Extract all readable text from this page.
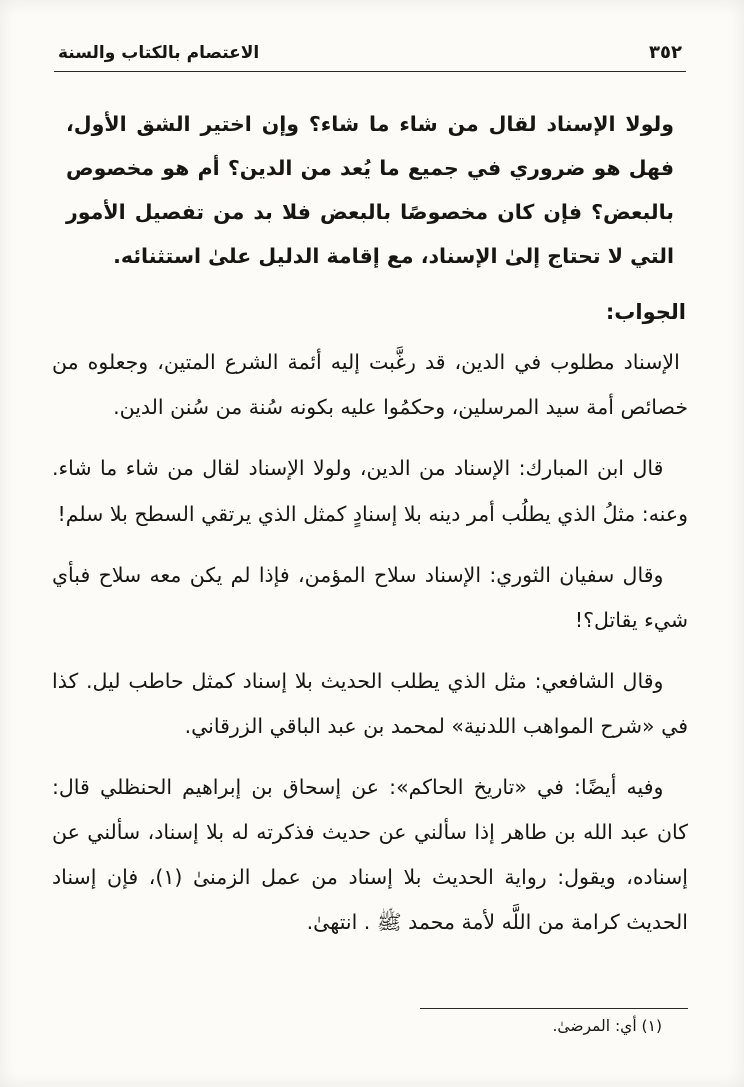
الاعتصام بالكتاب والسنة	٣٥٢

ولولا الإسناد لقال من شاء ما شاء؟ وإن اختير الشق الأول، فهل هو ضروري في جميع ما يُعد من الدين؟ أم هو مخصوص بالبعض؟ فإن كان مخصوصًا بالبعض فلا بد من تفصيل الأمور التي لا تحتاج إلىٰ الإسناد، مع إقامة الدليل علىٰ استثنائه.

الجواب:

الإسناد مطلوب في الدين، قد رغَّبت إليه أئمة الشرع المتين، وجعلوه من خصائص أمة سيد المرسلين، وحكمُوا عليه بكونه سُنة من سُنن الدين.

قال ابن المبارك: الإسناد من الدين، ولولا الإسناد لقال من شاء ما شاء. وعنه: مثلُ الذي يطلُب أمر دينه بلا إسنادٍ كمثل الذي يرتقي السطح بلا سلم!

وقال سفيان الثوري: الإسناد سلاح المؤمن، فإذا لم يكن معه سلاح فبأي شيء يقاتل؟!

وقال الشافعي: مثل الذي يطلب الحديث بلا إسناد كمثل حاطب ليل. كذا في «شرح المواهب اللدنية» لمحمد بن عبد الباقي الزرقاني.

وفيه أيضًا: في «تاريخ الحاكم»: عن إسحاق بن إبراهيم الحنظلي قال: كان عبد الله بن طاهر إذا سألني عن حديث فذكرته له بلا إسناد، سألني عن إسناده، ويقول: رواية الحديث بلا إسناد من عمل الزمنىٰ (١)، فإن إسناد الحديث كرامة من اللَّه لأمة محمد ﷺ . انتهىٰ.

(١) أي: المرضىٰ.
